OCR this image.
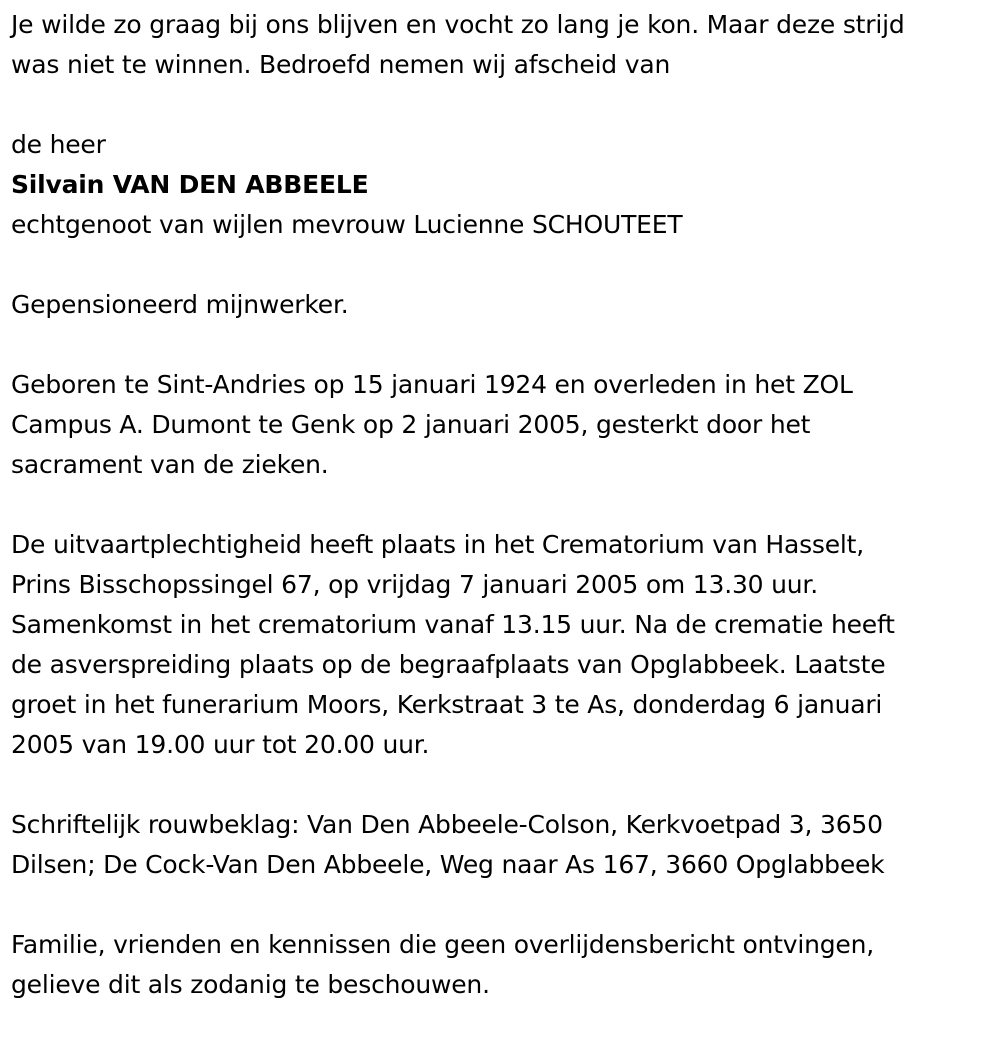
Je wilde zo graag bij ons blijven en vocht zo lang je kon. Maar deze strijd
was niet te winnen. Bedroefd nemen wij afscheid van

de heer
Silvain VAN DEN ABBEELE
echtgenoot van wijlen mevrouw Lucienne SCHOUTEET

Gepensioneerd mijnwerker.

Geboren te Sint-Andries op 15 januari 1924 en overleden in het ZOL
Campus A. Dumont te Genk op 2 januari 2005, gesterkt door het
sacrament van de zieken.

De uitvaartplechtigheid heeft plaats in het Crematorium van Hasselt,
Prins Bisschopssingel 67, op vrijdag 7 januari 2005 om 13.30 uur.
Samenkomst in het crematorium vanaf 13.15 uur. Na de crematie heeft
de asverspreiding plaats op de begraafplaats van Opglabbeek. Laatste
groet in het funerarium Moors, Kerkstraat 3 te As, donderdag 6 januari
2005 van 19.00 uur tot 20.00 uur.

Schriftelijk rouwbeklag: Van Den Abbeele-Colson, Kerkvoetpad 3, 3650
Dilsen; De Cock-Van Den Abbeele, Weg naar As 167, 3660 Opglabbeek

Familie, vrienden en kennissen die geen overlijdensbericht ontvingen,
gelieve dit als zodanig te beschouwen.
